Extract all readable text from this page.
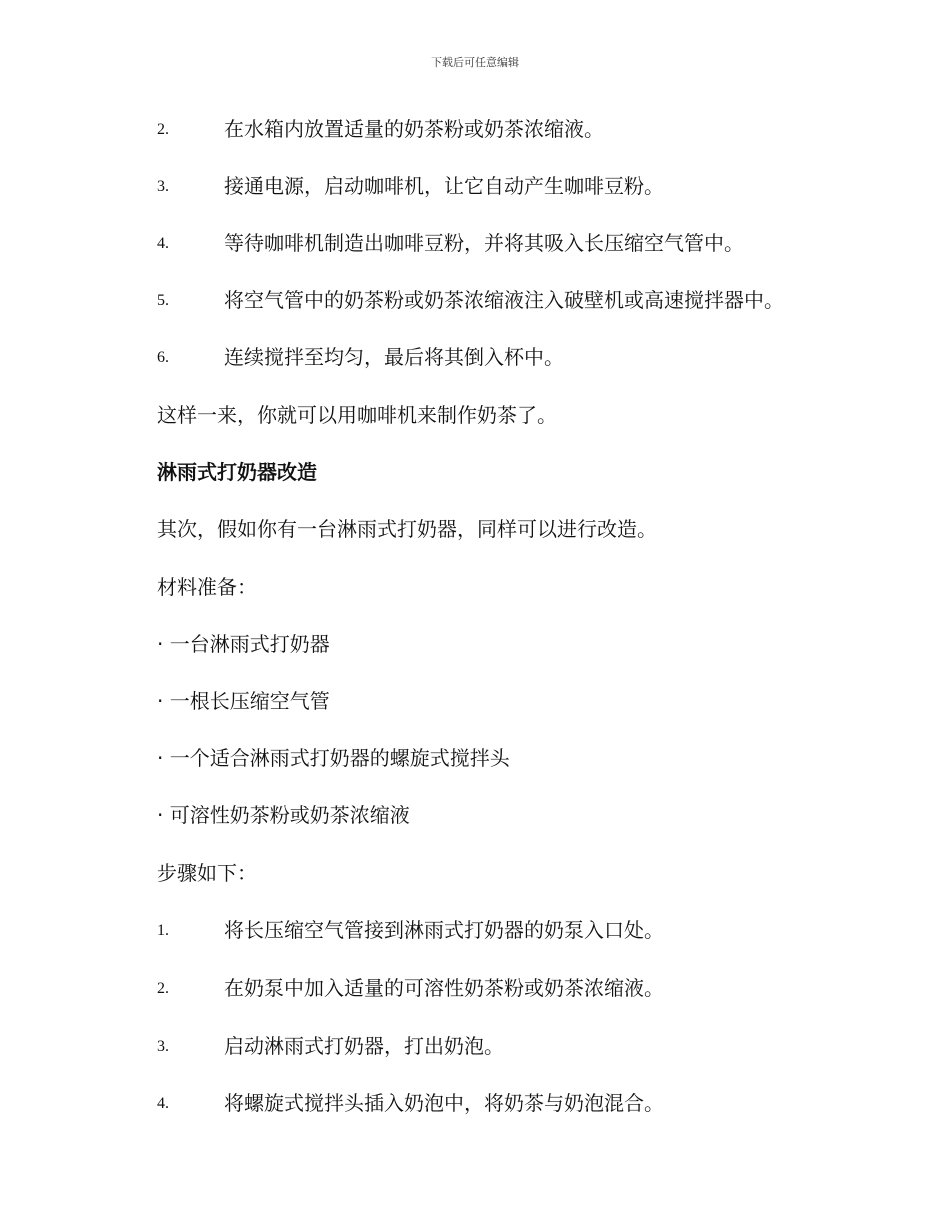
下载后可任意编辑
2.	在水箱内放置适量的奶茶粉或奶茶浓缩液。
3.	接通电源，启动咖啡机，让它自动产生咖啡豆粉。
4.	等待咖啡机制造出咖啡豆粉，并将其吸入长压缩空气管中。
5.	将空气管中的奶茶粉或奶茶浓缩液注入破壁机或高速搅拌器中。
6.	连续搅拌至均匀，最后将其倒入杯中。
这样一来，你就可以用咖啡机来制作奶茶了。
淋雨式打奶器改造
其次，假如你有一台淋雨式打奶器，同样可以进行改造。
材料准备：
· 一台淋雨式打奶器
· 一根长压缩空气管
· 一个适合淋雨式打奶器的螺旋式搅拌头
· 可溶性奶茶粉或奶茶浓缩液
步骤如下：
1.	将长压缩空气管接到淋雨式打奶器的奶泵入口处。
2.	在奶泵中加入适量的可溶性奶茶粉或奶茶浓缩液。
3.	启动淋雨式打奶器，打出奶泡。
4.	将螺旋式搅拌头插入奶泡中，将奶茶与奶泡混合。
